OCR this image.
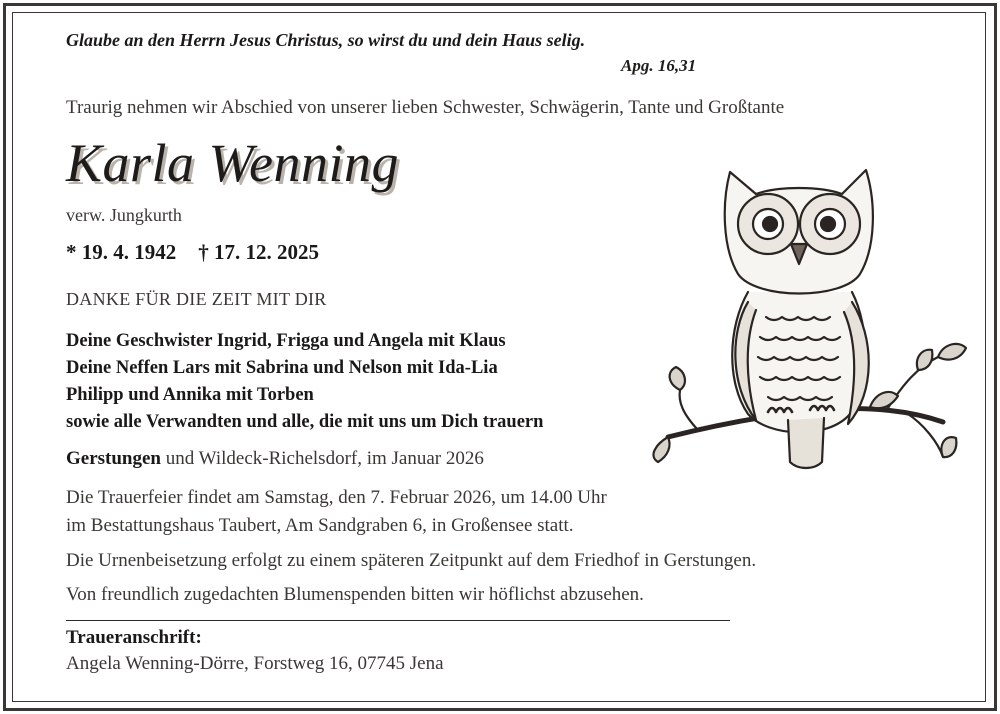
Glaube an den Herrn Jesus Christus, so wirst du und dein Haus selig.
Apg. 16,31
Traurig nehmen wir Abschied von unserer lieben Schwester, Schwägerin, Tante und Großtante
Karla Wenning
verw. Jungkurth
* 19. 4. 1942 † 17. 12. 2025
DANKE FÜR DIE ZEIT MIT DIR
Deine Geschwister Ingrid, Frigga und Angela mit Klaus
Deine Neffen Lars mit Sabrina und Nelson mit Ida-Lia
Philipp und Annika mit Torben
sowie alle Verwandten und alle, die mit uns um Dich trauern
Gerstungen und Wildeck-Richelsdorf, im Januar 2026
Die Trauerfeier findet am Samstag, den 7. Februar 2026, um 14.00 Uhr
im Bestattungshaus Taubert, Am Sandgraben 6, in Großensee statt.
Die Urnenbeisetzung erfolgt zu einem späteren Zeitpunkt auf dem Friedhof in Gerstungen.
Von freundlich zugedachten Blumenspenden bitten wir höflichst abzusehen.
Traueranschrift:
Angela Wenning-Dörre, Forstweg 16, 07745 Jena
